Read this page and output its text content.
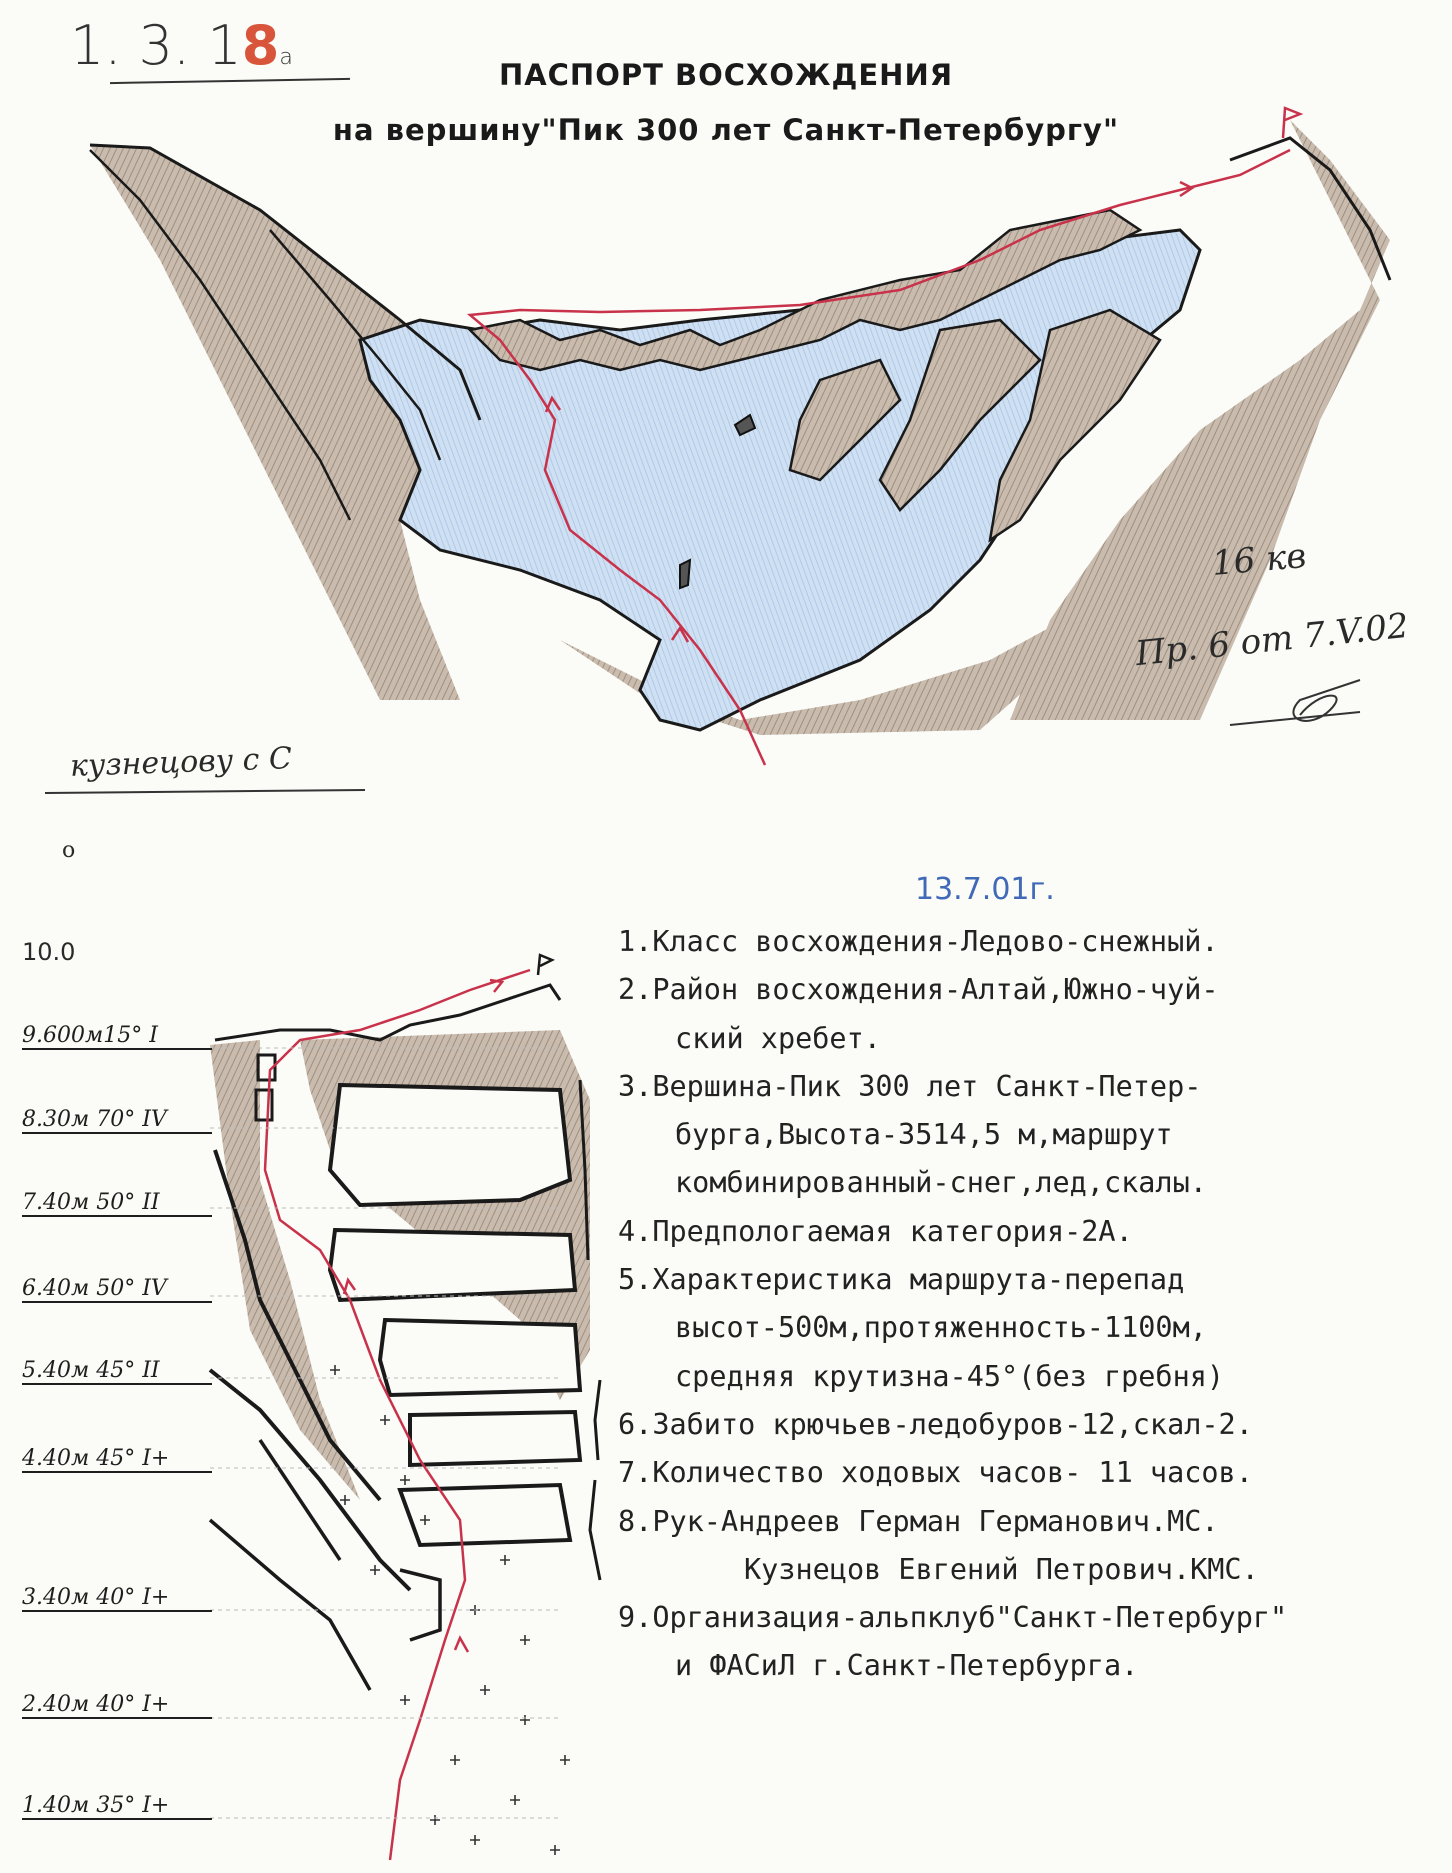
1. 3. 18а
ПАСПОРТ ВОСХОЖДЕНИЯ
на вершину"Пик 300 лет Санкт-Петербургу"
16 кв
Пр. 6 от 7.V.02
кузнецову с С
13.7.01г.
о
10.0
9.600м15° I
8.30м 70° IV
7.40м 50° II
6.40м 50° IV
5.40м 45° II
4.40м 45° I+
3.40м 40° I+
2.40м 40° I+
1.40м 35° I+
1.Класс восхождения-Ледово-снежный.
2.Район восхождения-Алтай,Южно-чуй-
ский хребет.
3.Вершина-Пик 300 лет Санкт-Петер-
бурга,Высота-3514,5 м,маршрут
комбинированный-снег,лед,скалы.
4.Предпологаемая категория-2А.
5.Характеристика маршрута-перепад
высот-500м,протяженность-1100м,
средняя крутизна-45°(без гребня)
6.Забито крючьев-ледобуров-12,скал-2.
7.Количество ходовых часов- 11 часов.
8.Рук-Андреев Герман Германович.МС.
Кузнецов Евгений Петрович.КМС.
9.Организация-альпклуб"Санкт-Петербург"
и ФАСиЛ г.Санкт-Петербурга.
